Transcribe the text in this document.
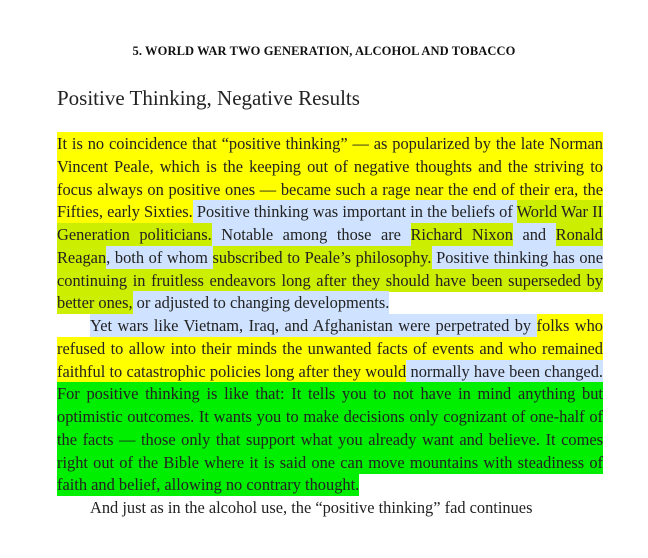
5. WORLD WAR TWO GENERATION, ALCOHOL AND TOBACCO
Positive Thinking, Negative Results

It is no coincidence that “positive thinking” — as popularized by the late Norman Vincent Peale, which is the keeping out of negative thoughts and the striving to focus always on positive ones — became such a rage near the end of their era, the Fifties, early Sixties. Positive thinking was important in the beliefs of World War II Generation politicians. Notable among those are Richard Nixon and Ronald Reagan, both of whom subscribed to Peale’s philosophy. Positive thinking has one continuing in fruitless endeavors long after they should have been superseded by better ones, or adjusted to changing developments.

Yet wars like Vietnam, Iraq, and Afghanistan were perpetrated by folks who refused to allow into their minds the unwanted facts of events and who remained faithful to catastrophic policies long after they would normally have been changed. For positive thinking is like that: It tells you to not have in mind anything but optimistic outcomes. It wants you to make decisions only cognizant of one-half of the facts — those only that support what you already want and believe. It comes right out of the Bible where it is said one can move mountains with steadiness of faith and belief, allowing no contrary thought.

And just as in the alcohol use, the “positive thinking” fad continues
